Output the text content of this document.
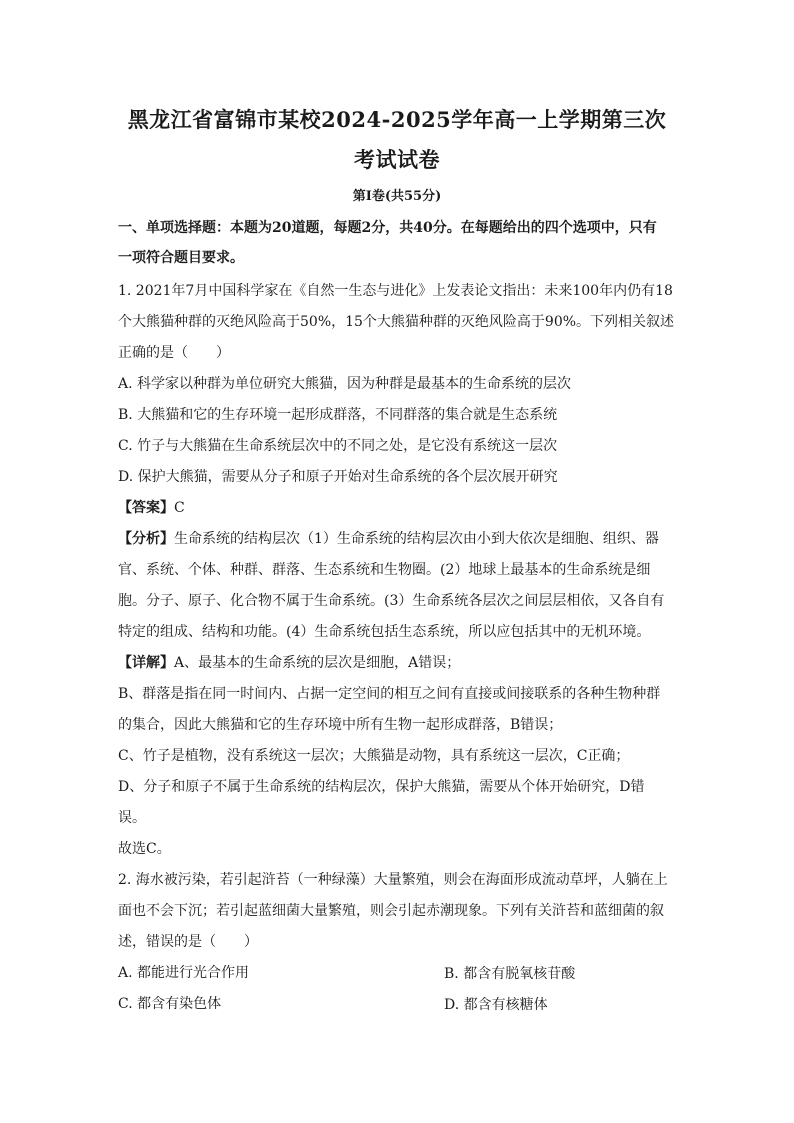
黑龙江省富锦市某校2024-2025学年高一上学期第三次
考试试卷
第Ⅰ卷(共55分)
一、单项选择题：本题为20道题，每题2分，共40分。在每题给出的四个选项中，只有
一项符合题目要求。
1. 2021年7月中国科学家在《自然一生态与进化》上发表论文指出：未来100年内仍有18
个大熊猫种群的灭绝风险高于50%，15个大熊猫种群的灭绝风险高于90%。下列相关叙述
正确的是（　　）
A. 科学家以种群为单位研究大熊猫，因为种群是最基本的生命系统的层次
B. 大熊猫和它的生存环境一起形成群落，不同群落的集合就是生态系统
C. 竹子与大熊猫在生命系统层次中的不同之处，是它没有系统这一层次
D. 保护大熊猫，需要从分子和原子开始对生命系统的各个层次展开研究
【答案】C
【分析】生命系统的结构层次（1）生命系统的结构层次由小到大依次是细胞、组织、器
官、系统、个体、种群、群落、生态系统和生物圈。(2）地球上最基本的生命系统是细
胞。分子、原子、化合物不属于生命系统。(3）生命系统各层次之间层层相依，又各自有
特定的组成、结构和功能。(4）生命系统包括生态系统，所以应包括其中的无机环境。
【详解】A、最基本的生命系统的层次是细胞，A错误；
B、群落是指在同一时间内、占据一定空间的相互之间有直接或间接联系的各种生物种群
的集合，因此大熊猫和它的生存环境中所有生物一起形成群落，B错误；
C、竹子是植物，没有系统这一层次；大熊猫是动物，具有系统这一层次，C正确；
D、分子和原子不属于生命系统的结构层次，保护大熊猫，需要从个体开始研究，D错
误。
故选C。
2. 海水被污染，若引起浒苔（一种绿藻）大量繁殖，则会在海面形成流动草坪，人躺在上
面也不会下沉；若引起蓝细菌大量繁殖，则会引起赤潮现象。下列有关浒苔和蓝细菌的叙
述，错误的是（　　）
A. 都能进行光合作用	B. 都含有脱氧核苷酸
C. 都含有染色体	D. 都含有核糖体
